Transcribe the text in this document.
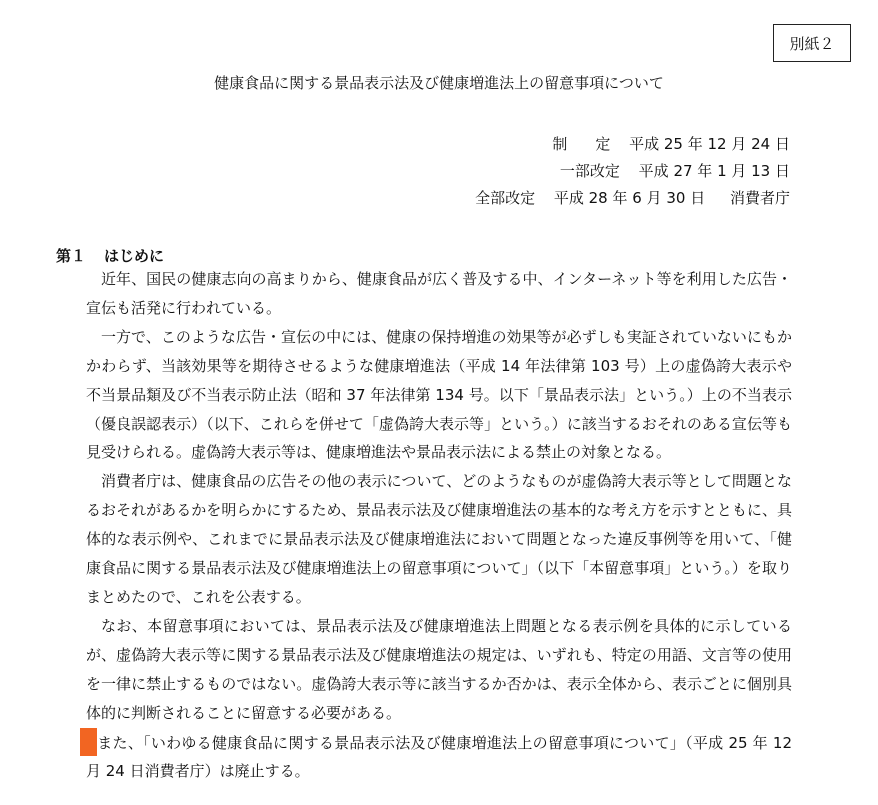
別紙２
健康食品に関する景品表示法及び健康増進法上の留意事項について
制定 平成 25 年 12 月 24 日
一部改定 平成 27 年 1 月 13 日
全部改定 平成 28 年 6 月 30 日 消費者庁
第１ はじめに

近年、国民の健康志向の高まりから、健康食品が広く普及する中、インターネット等を利用した広告・宣伝も活発に行われている。

一方で、このような広告・宣伝の中には、健康の保持増進の効果等が必ずしも実証されていないにもかかわらず、当該効果等を期待させるような健康増進法（平成 14 年法律第 103 号）上の虚偽誇大表示や不当景品類及び不当表示防止法（昭和 37 年法律第 134 号。以下「景品表示法」という。）上の不当表示（優良誤認表示）（以下、これらを併せて「虚偽誇大表示等」という。）に該当するおそれのある宣伝等も見受けられる。虚偽誇大表示等は、健康増進法や景品表示法による禁止の対象となる。

消費者庁は、健康食品の広告その他の表示について、どのようなものが虚偽誇大表示等として問題となるおそれがあるかを明らかにするため、景品表示法及び健康増進法の基本的な考え方を示すとともに、具体的な表示例や、これまでに景品表示法及び健康増進法において問題となった違反事例等を用いて、「健康食品に関する景品表示法及び健康増進法上の留意事項について」（以下「本留意事項」という。）を取りまとめたので、これを公表する。

なお、本留意事項においては、景品表示法及び健康増進法上問題となる表示例を具体的に示しているが、虚偽誇大表示等に関する景品表示法及び健康増進法の規定は、いずれも、特定の用語、文言等の使用を一律に禁止するものではない。虚偽誇大表示等に該当するか否かは、表示全体から、表示ごとに個別具体的に判断されることに留意する必要がある。

また、「いわゆる健康食品に関する景品表示法及び健康増進法上の留意事項について」（平成 25 年 12 月 24 日消費者庁）は廃止する。
